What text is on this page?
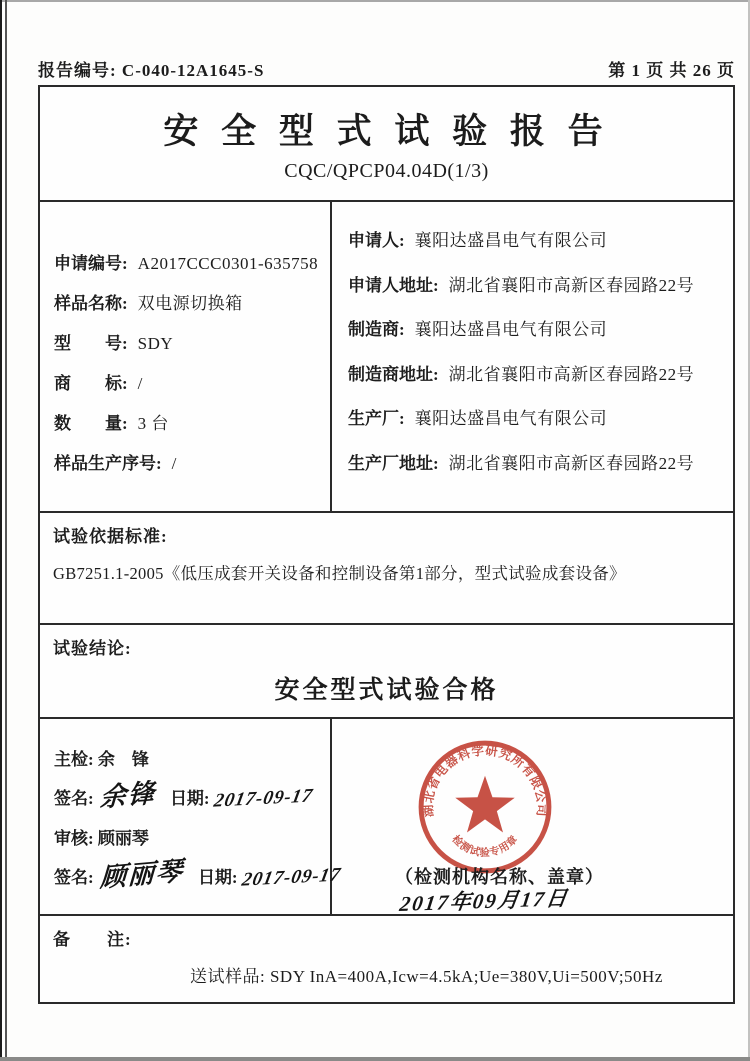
报告编号: C-040-12A1645-S	第 1 页 共 26 页
安 全 型 式 试 验 报 告
CQC/QPCP04.04D(1/3)
申请编号: A2017CCC0301-635758
样品名称: 双电源切换箱
型　　号: SDY
商　　标: /
数　　量: 3 台
样品生产序号: /
申请人: 襄阳达盛昌电气有限公司
申请人地址: 湖北省襄阳市高新区春园路22号
制造商: 襄阳达盛昌电气有限公司
制造商地址: 湖北省襄阳市高新区春园路22号
生产厂: 襄阳达盛昌电气有限公司
生产厂地址: 湖北省襄阳市高新区春园路22号
试验依据标准:
GB7251.1-2005《低压成套开关设备和控制设备第1部分，型式试验成套设备》
试验结论:
安全型式试验合格
主检: 余　锋
签名: 余锋 日期: 2017-09-17
审核: 顾丽琴
签名: 顾丽琴 日期: 2017-09-17
湖北省电器科学研究所有限公司
检测试验专用章
（检测机构名称、盖章）
2017年09月17日
备　　注:
送试样品: SDY InA=400A,Icw=4.5kA;Ue=380V,Ui=500V;50Hz
